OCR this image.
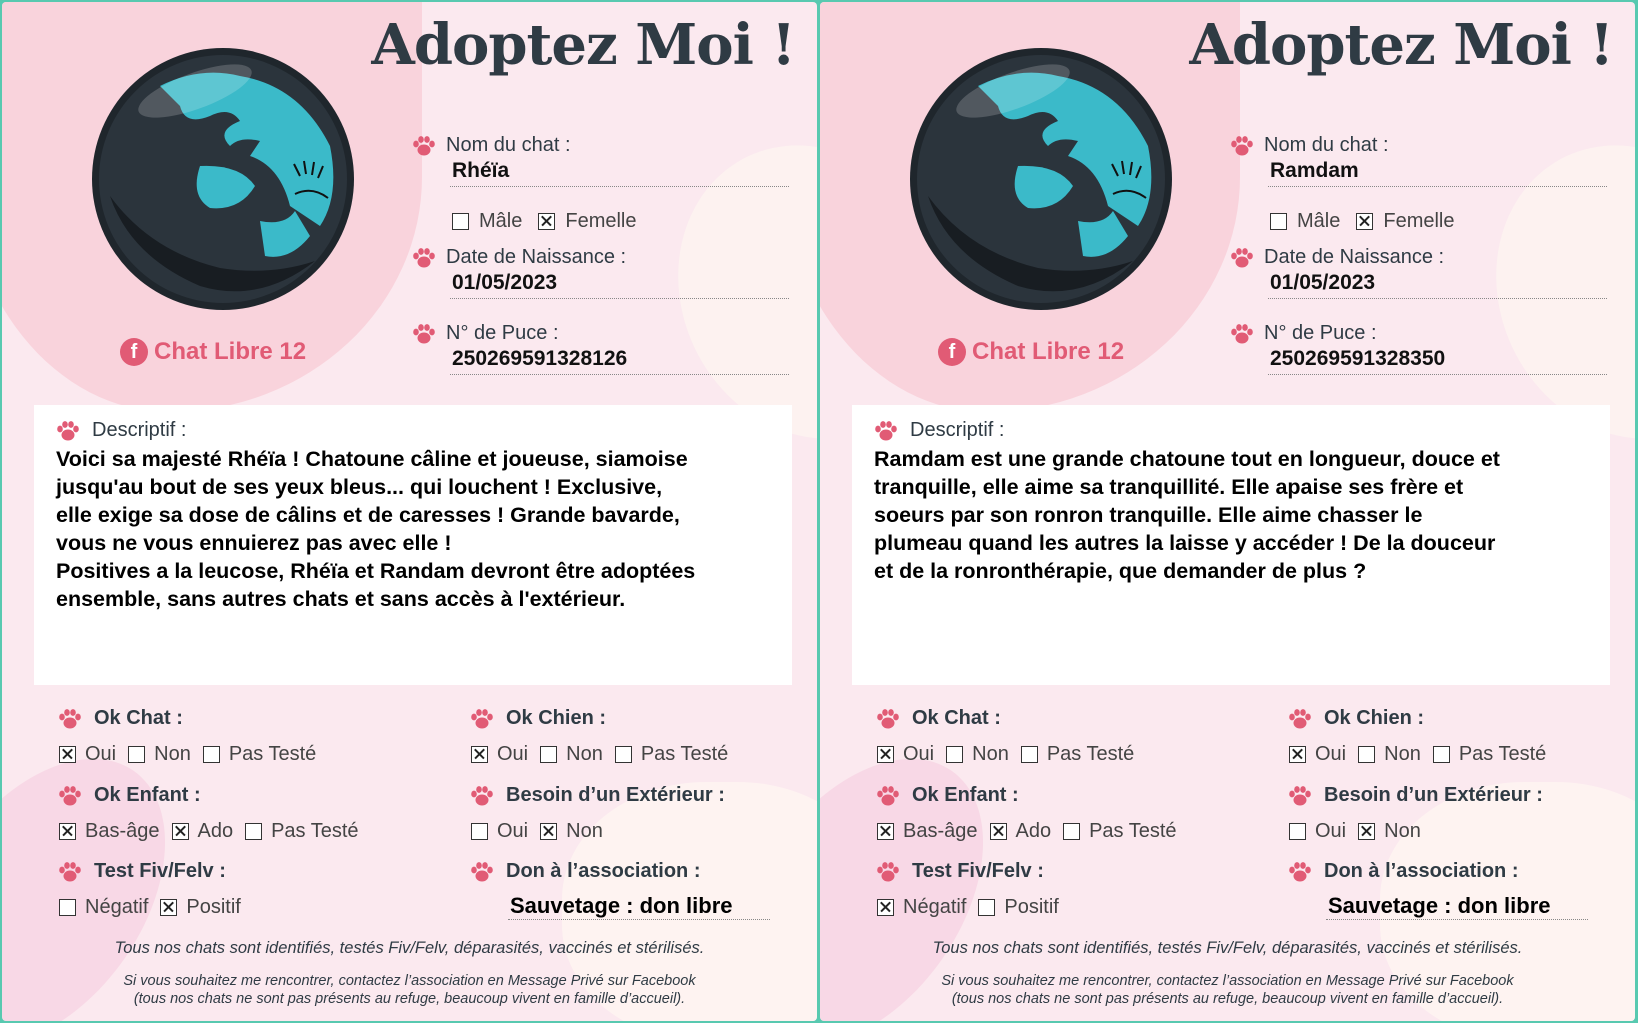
Adoptez Moi !
f Chat Libre 12
Nom du chat :
Rhéïa
Mâle Femelle
Date de Naissance :
01/05/2023
N° de Puce :
250269591328126
Descriptif :
Voici sa majesté Rhéïa ! Chatoune câline et joueuse, siamoise
jusqu'au bout de ses yeux bleus... qui louchent ! Exclusive,
elle exige sa dose de câlins et de caresses ! Grande bavarde,
vous ne vous ennuierez pas avec elle !
Positives a la leucose, Rhéïa et Randam devront être adoptées
ensemble, sans autres chats et sans accès à l'extérieur.
Ok Chat :
Oui Non Pas Testé
Ok Chien :
Oui Non Pas Testé
Ok Enfant :
Bas-âge Ado Pas Testé
Besoin d’un Extérieur :
Oui Non
Test Fiv/Felv :
Négatif Positif
Don à l’association :
Sauvetage : don libre
Tous nos chats sont identifiés, testés Fiv/Felv, déparasités, vaccinés et stérilisés.
Si vous souhaitez me rencontrer, contactez l’association en Message Privé sur Facebook
(tous nos chats ne sont pas présents au refuge, beaucoup vivent en famille d’accueil).
Adoptez Moi !
f Chat Libre 12
Nom du chat :
Ramdam
Mâle Femelle
Date de Naissance :
01/05/2023
N° de Puce :
250269591328350
Descriptif :
Ramdam est une grande chatoune tout en longueur, douce et
tranquille, elle aime sa tranquillité. Elle apaise ses frère et
soeurs par son ronron tranquille. Elle aime chasser le
plumeau quand les autres la laisse y accéder ! De la douceur
et de la ronronthérapie, que demander de plus ?
Ok Chat :
Oui Non Pas Testé
Ok Chien :
Oui Non Pas Testé
Ok Enfant :
Bas-âge Ado Pas Testé
Besoin d’un Extérieur :
Oui Non
Test Fiv/Felv :
Négatif Positif
Don à l’association :
Sauvetage : don libre
Tous nos chats sont identifiés, testés Fiv/Felv, déparasités, vaccinés et stérilisés.
Si vous souhaitez me rencontrer, contactez l’association en Message Privé sur Facebook
(tous nos chats ne sont pas présents au refuge, beaucoup vivent en famille d’accueil).
